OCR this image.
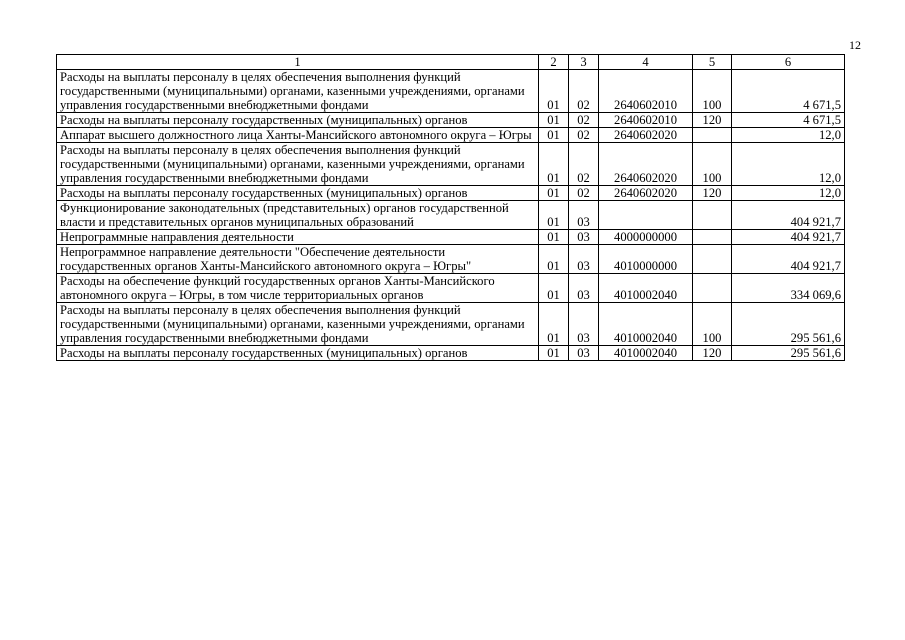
12
1	2	3	4	5	6
Расходы на выплаты персоналу в целях обеспечения выполнения функций государственными (муниципальными) органами, казенными учреждениями, органами управления государственными внебюджетными фондами	01	02	2640602010	100	4 671,5
Расходы на выплаты персоналу государственных (муниципальных) органов	01	02	2640602010	120	4 671,5
Аппарат высшего должностного лица Ханты-Мансийского автономного округа – Югры	01	02	2640602020		12,0
Расходы на выплаты персоналу в целях обеспечения выполнения функций государственными (муниципальными) органами, казенными учреждениями, органами управления государственными внебюджетными фондами	01	02	2640602020	100	12,0
Расходы на выплаты персоналу государственных (муниципальных) органов	01	02	2640602020	120	12,0
Функционирование законодательных (представительных) органов государственной власти и представительных органов муниципальных образований	01	03			404 921,7
Непрограммные направления деятельности	01	03	4000000000		404 921,7
Непрограммное направление деятельности "Обеспечение деятельности государственных органов Ханты-Мансийского автономного округа – Югры"	01	03	4010000000		404 921,7
Расходы на обеспечение функций государственных органов Ханты-Мансийского автономного округа – Югры, в том числе территориальных органов	01	03	4010002040		334 069,6
Расходы на выплаты персоналу в целях обеспечения выполнения функций государственными (муниципальными) органами, казенными учреждениями, органами управления государственными внебюджетными фондами	01	03	4010002040	100	295 561,6
Расходы на выплаты персоналу государственных (муниципальных) органов	01	03	4010002040	120	295 561,6
